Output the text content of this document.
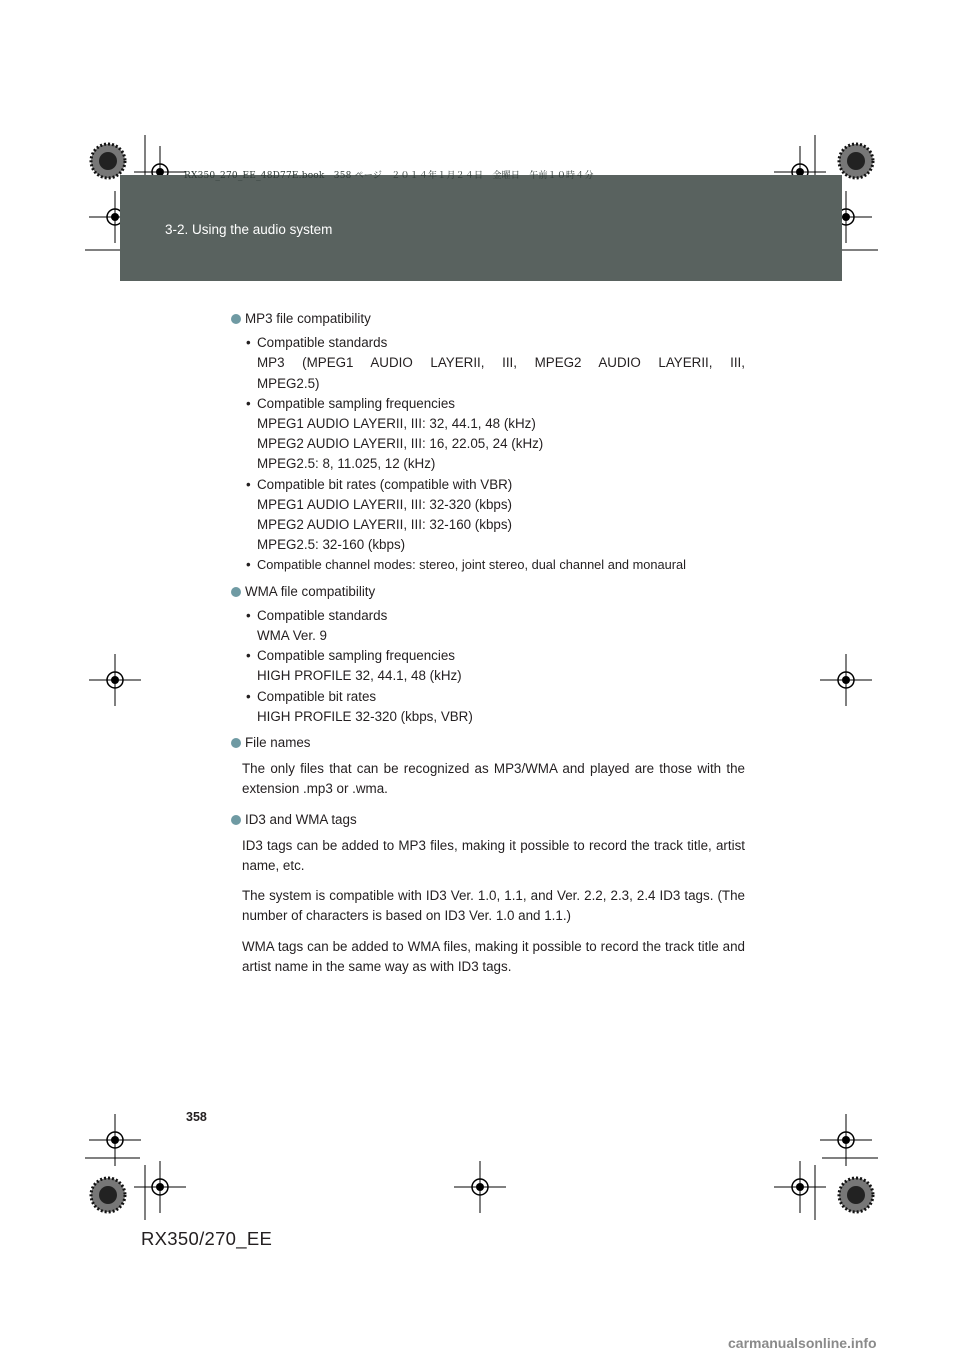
RX350_270_EE_48D77E.book　358 ページ　２０１４年１月２４日　金曜日　午前１０時４分
3-2. Using the audio system
MP3 file compatibility
• Compatible standards
MP3 (MPEG1 AUDIO LAYERII, III, MPEG2 AUDIO LAYERII, III,
MPEG2.5)
• Compatible sampling frequencies
MPEG1 AUDIO LAYERII, III: 32, 44.1, 48 (kHz)
MPEG2 AUDIO LAYERII, III: 16, 22.05, 24 (kHz)
MPEG2.5: 8, 11.025, 12 (kHz)
• Compatible bit rates (compatible with VBR)
MPEG1 AUDIO LAYERII, III: 32-320 (kbps)
MPEG2 AUDIO LAYERII, III: 32-160 (kbps)
MPEG2.5: 32-160 (kbps)
• Compatible channel modes: stereo, joint stereo, dual channel and monaural
WMA file compatibility
• Compatible standards
WMA Ver. 9
• Compatible sampling frequencies
HIGH PROFILE 32, 44.1, 48 (kHz)
• Compatible bit rates
HIGH PROFILE 32-320 (kbps, VBR)
File names
The only files that can be recognized as MP3/WMA and played are those with the extension .mp3 or .wma.
ID3 and WMA tags
ID3 tags can be added to MP3 files, making it possible to record the track title, artist name, etc.
The system is compatible with ID3 Ver. 1.0, 1.1, and Ver. 2.2, 2.3, 2.4 ID3 tags. (The number of characters is based on ID3 Ver. 1.0 and 1.1.)
WMA tags can be added to WMA files, making it possible to record the track title and artist name in the same way as with ID3 tags.
358
RX350/270_EE
carmanualsonline.info
